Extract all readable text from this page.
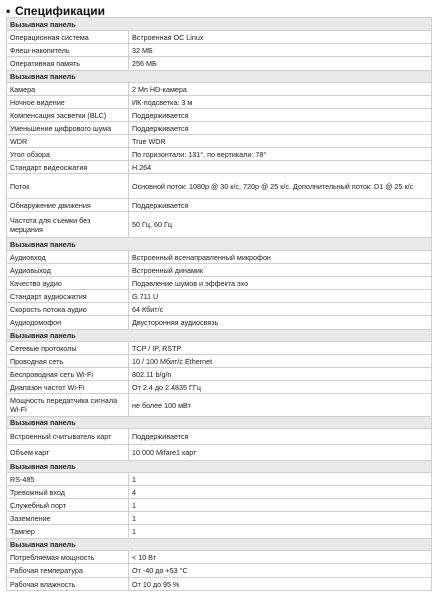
• Спецификации
Вызывная панель	
Операционная система	Встроенная ОС Linux
Флеш-накопитель	32 МБ
Оперативная память	256 МБ
Вызывная панель	
Камера	2 Мп HD-камера
Ночное видение	ИК-подсветка: 3 м
Компенсация засветки (BLC)	Поддерживается
Уменьшение цифрового шума	Поддерживается
WDR	True WDR
Угол обзора	По горизонтали: 131°, по вертикали: 78°
Стандарт видеосжатия	H.264
Поток	Основной поток: 1080p @ 30 к/с, 720p @ 25 к/с. Дополнительный поток: D1 @ 25 к/с
Обнаружение движения	Поддерживается
Частота для съемки без мерцания	50 Гц, 60 Гц
Вызывная панель	
Аудиовход	Встроенный всенаправленный микрофон
Аудиовыход	Встроенный динамик
Качество аудио	Подавление шумов и эффекта эхо
Стандарт аудиосжатия	G.711 U
Скорость потока аудио	64 Кбит/с
Аудиодомофон	Двусторонняя аудиосвязь
Вызывная панель	
Сетевые протоколы	TCP / IP, RSTP
Проводная сеть	10 / 100 Мбит/с Ethernet
Беспроводная сеть Wi-Fi	802.11 b/g/n
Диапазон частот Wi-Fi	От 2.4 до 2.4835 ГГц
Мощность передатчика сигнала Wi-Fi	не более 100 мВт
Вызывная панель	
Встроенный считыватель карт	Поддерживается
Объем карт	10 000 Mifare1 карт
Вызывная панель	
RS-485	1
Тревожный вход	4
Служебный порт	1
Заземление	1
Тампер	1
Вызывная панель	
Потребляемая мощность	< 10 Вт
Рабочая температура	От -40 до +53 °C
Рабочая влажность	От 10 до 95 %
